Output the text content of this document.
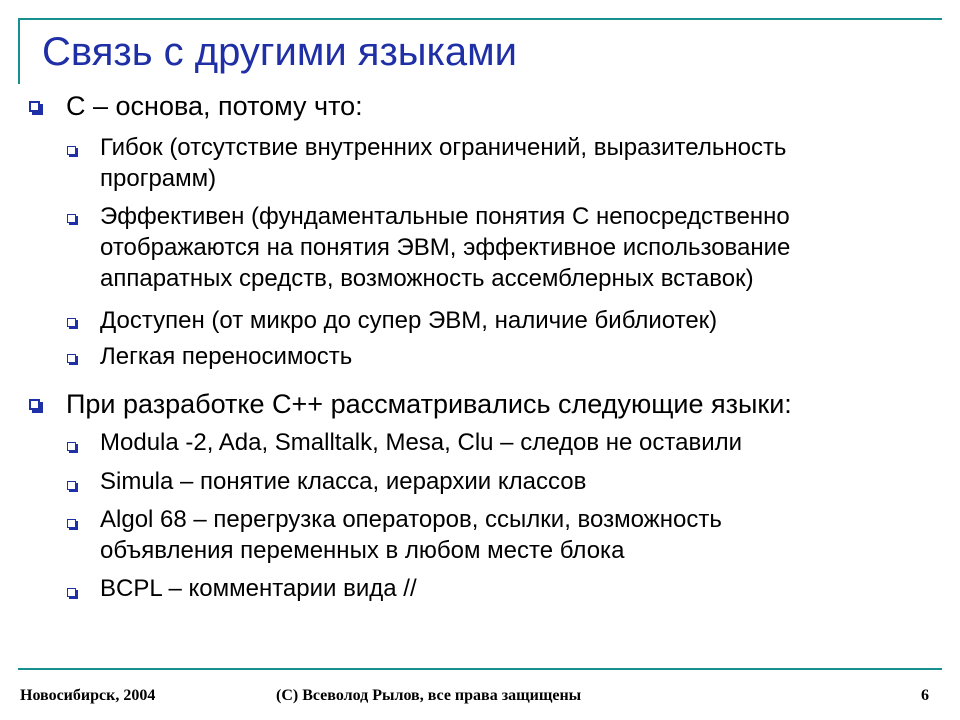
Связь с другими языками
C – основа, потому что:
Гибок (отсутствие внутренних ограничений, выразительность
программ)
Эффективен (фундаментальные понятия C непосредственно
отображаются на понятия ЭВМ, эффективное использование
аппаратных средств, возможность ассемблерных вставок)
Доступен (от микро до супер ЭВМ, наличие библиотек)
Легкая переносимость
При разработке C++ рассматривались следующие языки:
Modula -2, Ada, Smalltalk, Mesa, Clu – следов не оставили
Simula – понятие класса, иерархии классов
Algol 68 – перегрузка операторов, ссылки, возможность
объявления переменных в любом месте блока
BCPL – комментарии вида //
Новосибирск, 2004	(С) Всеволод Рылов, все права защищены	6
